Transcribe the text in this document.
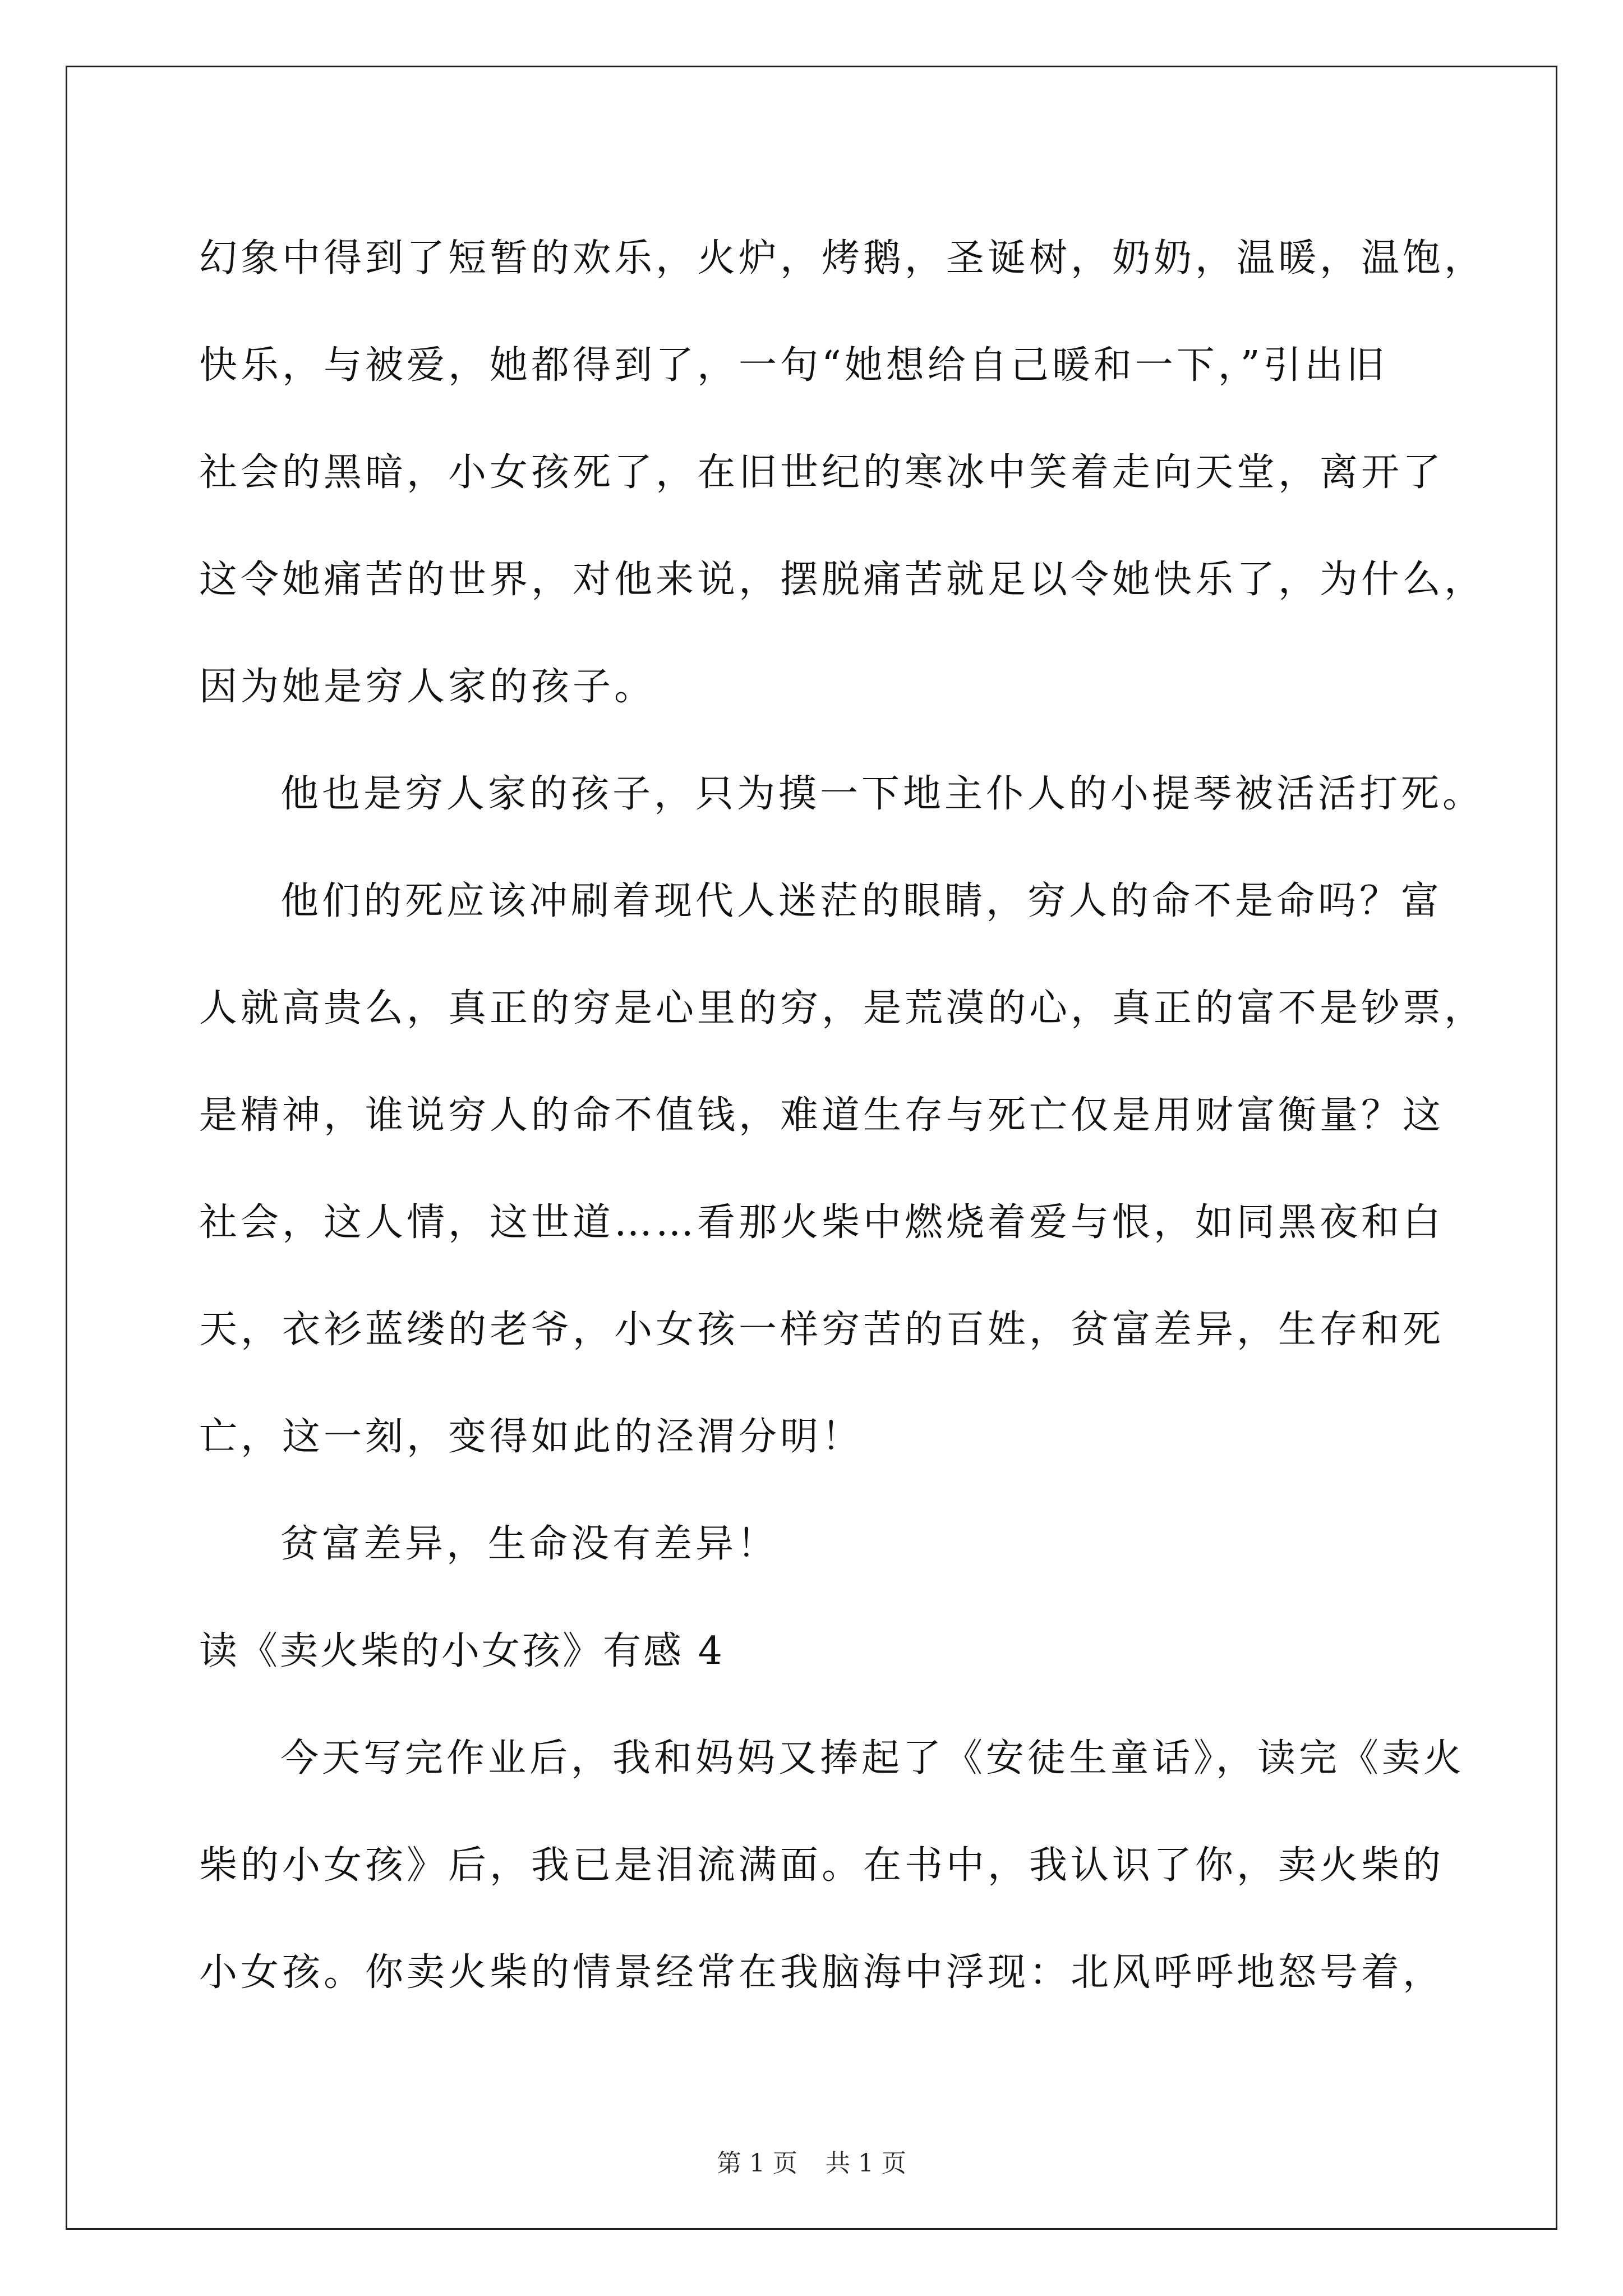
幻象中得到了短暂的欢乐，火炉，烤鹅，圣诞树，奶奶，温暖，温饱，

快乐，与被爱，她都得到了，一句“她想给自己暖和一下，”引出旧

社会的黑暗，小女孩死了，在旧世纪的寒冰中笑着走向天堂，离开了

这令她痛苦的世界，对他来说，摆脱痛苦就足以令她快乐了，为什么，

因为她是穷人家的孩子。

他也是穷人家的孩子，只为摸一下地主仆人的小提琴被活活打死。

他们的死应该冲刷着现代人迷茫的眼睛，穷人的命不是命吗？富

人就高贵么，真正的穷是心里的穷，是荒漠的心，真正的富不是钞票，

是精神，谁说穷人的命不值钱，难道生存与死亡仅是用财富衡量？这

社会，这人情，这世道……看那火柴中燃烧着爱与恨，如同黑夜和白

天，衣衫蓝缕的老爷，小女孩一样穷苦的百姓，贫富差异，生存和死

亡，这一刻，变得如此的泾渭分明！

贫富差异，生命没有差异！

读《卖火柴的小女孩》有感 4

今天写完作业后，我和妈妈又捧起了《安徒生童话》，读完《卖火

柴的小女孩》后，我已是泪流满面。在书中，我认识了你，卖火柴的

小女孩。你卖火柴的情景经常在我脑海中浮现：北风呼呼地怒号着，

第 1 页 共 1 页
